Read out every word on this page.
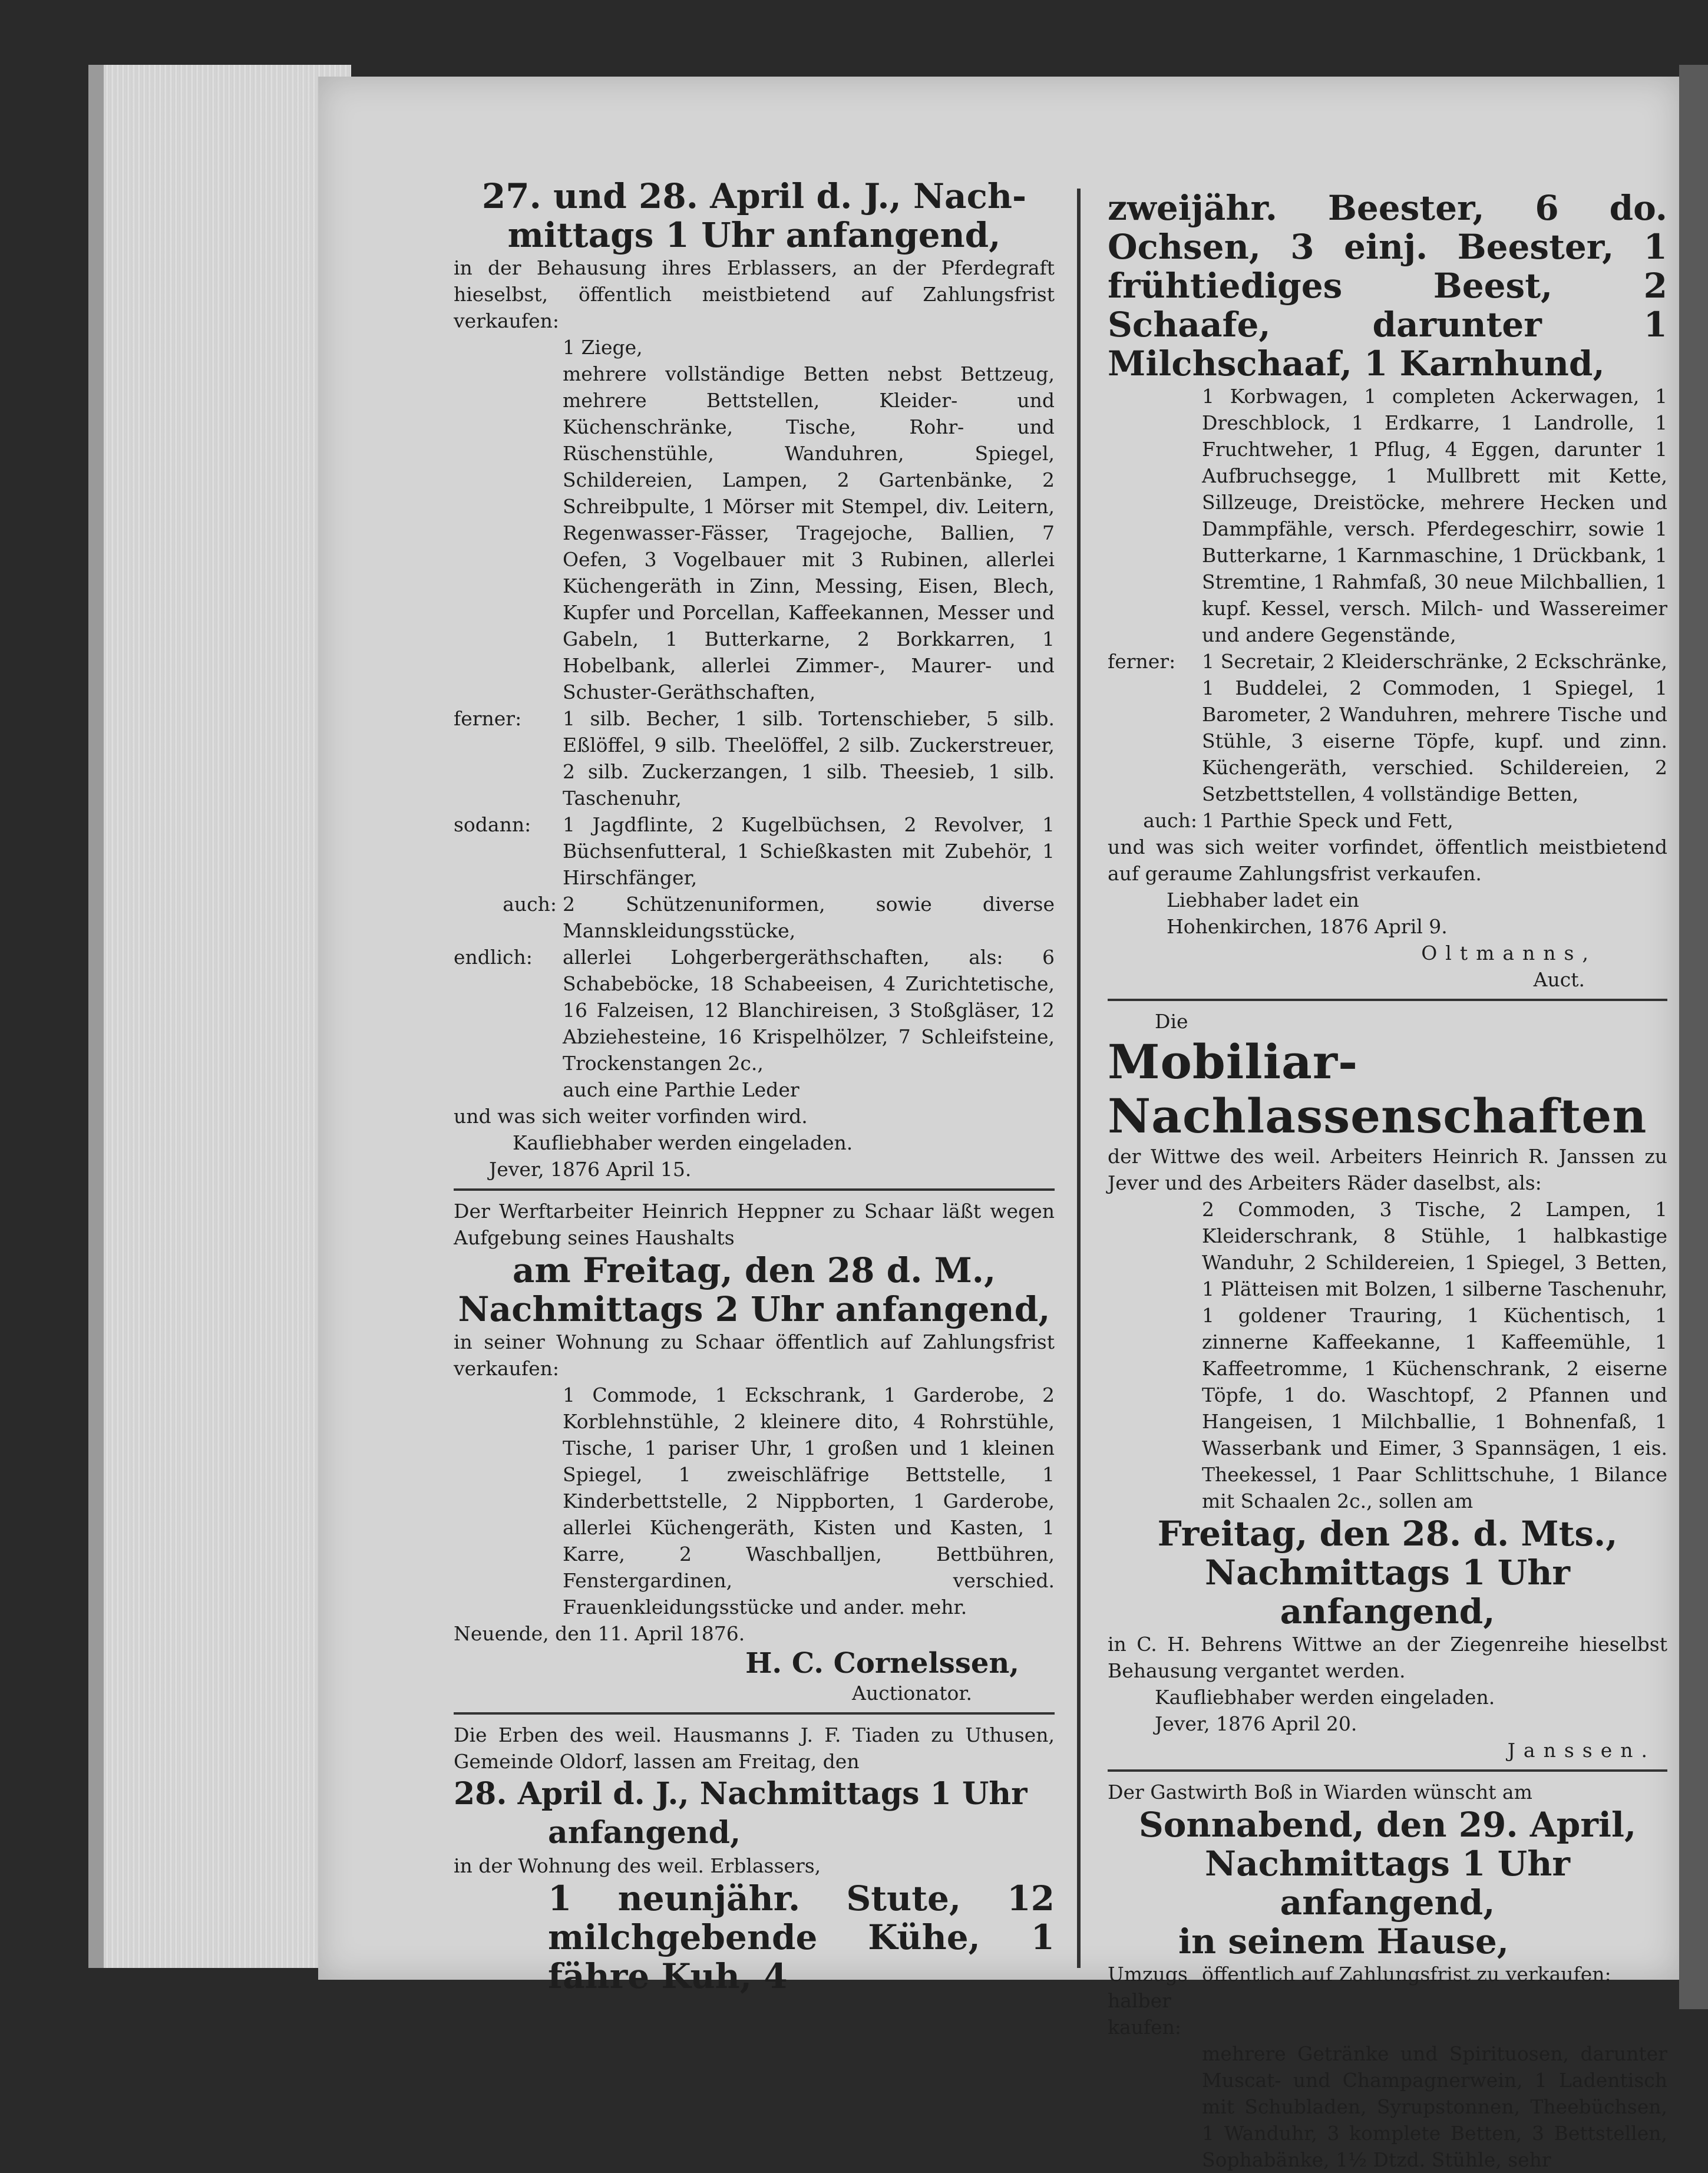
27. und 28. April d. J., Nach-

mittags 1 Uhr anfangend,

in der Behausung ihres Erblassers, an der Pferdegraft hieselbst, öffentlich meistbietend auf Zahlungsfrist verkaufen:

1 Ziege,

mehrere vollständige Betten nebst Bettzeug, mehrere Bettstellen, Kleider- und Küchenschränke, Tische, Rohr- und Rüschenstühle, Wanduhren, Spiegel, Schildereien, Lampen, 2 Gartenbänke, 2 Schreibpulte, 1 Mörser mit Stempel, div. Leitern, Regenwasser-Fässer, Tragejoche, Ballien, 7 Oefen, 3 Vogelbauer mit 3 Rubinen, allerlei Küchengeräth in Zinn, Messing, Eisen, Blech, Kupfer und Porcellan, Kaffeekannen, Messer und Gabeln, 1 Butterkarne, 2 Borkkarren, 1 Hobelbank, allerlei Zimmer-, Maurer- und Schuster-Geräthschaften,

ferner:	1 silb. Becher, 1 silb. Tortenschieber, 5 silb. Eßlöffel, 9 silb. Theelöffel, 2 silb. Zuckerstreuer, 2 silb. Zuckerzangen, 1 silb. Theesieb, 1 silb. Taschenuhr,
sodann:	1 Jagdflinte, 2 Kugelbüchsen, 2 Revolver, 1 Büchsenfutteral, 1 Schießkasten mit Zubehör, 1 Hirschfänger,
auch: 2 Schützenuniformen, sowie diverse Mannskleidungsstücke,
endlich:	allerlei Lohgerbergeräthschaften, als: 6 Schabeböcke, 18 Schabeeisen, 4 Zurichtetische, 16 Falzeisen, 12 Blanchireisen, 3 Stoßgläser, 12 Abziehesteine, 16 Krispelhölzer, 7 Schleifsteine, Trockenstangen 2c.,

auch eine Parthie Leder

und was sich weiter vorfinden wird.

Kaufliebhaber werden eingeladen.

Jever, 1876 April 15.

Der Werftarbeiter Heinrich Heppner zu Schaar läßt wegen Aufgebung seines Haushalts

am Freitag, den 28 d. M.,

Nachmittags 2 Uhr anfangend,

in seiner Wohnung zu Schaar öffentlich auf Zahlungsfrist verkaufen:

1 Commode, 1 Eckschrank, 1 Garderobe, 2 Korblehnstühle, 2 kleinere dito, 4 Rohrstühle, Tische, 1 pariser Uhr, 1 großen und 1 kleinen Spiegel, 1 zweischläfrige Bettstelle, 1 Kinderbettstelle, 2 Nippborten, 1 Garderobe, allerlei Küchengeräth, Kisten und Kasten, 1 Karre, 2 Waschballjen, Bettbühren, Fenstergardinen, verschied. Frauenkleidungsstücke und ander. mehr.

Neuende, den 11. April 1876.

H. C. Cornelssen,

Auctionator.

Die Erben des weil. Hausmanns J. F. Tiaden zu Uthusen, Gemeinde Oldorf, lassen am Freitag, den

28. April d. J., Nachmittags 1 Uhr

anfangend,

in der Wohnung des weil. Erblassers,

1 neunjähr. Stute, 12 milchgebende Kühe, 1 fähre Kuh, 4

zweijähr. Beester, 6 do. Ochsen, 3 einj. Beester, 1 frühtiediges Beest, 2 Schaafe, darunter 1 Milchschaaf, 1 Karnhund,

1 Korbwagen, 1 completen Ackerwagen, 1 Dreschblock, 1 Erdkarre, 1 Landrolle, 1 Fruchtweher, 1 Pflug, 4 Eggen, darunter 1 Aufbruchsegge, 1 Mullbrett mit Kette, Sillzeuge, Dreistöcke, mehrere Hecken und Dammpfähle, versch. Pferdegeschirr, sowie 1 Butterkarne, 1 Karnmaschine, 1 Drückbank, 1 Stremtine, 1 Rahmfaß, 30 neue Milchballien, 1 kupf. Kessel, versch. Milch- und Wassereimer und andere Gegenstände,

ferner:	1 Secretair, 2 Kleiderschränke, 2 Eckschränke, 1 Buddelei, 2 Commoden, 1 Spiegel, 1 Barometer, 2 Wanduhren, mehrere Tische und Stühle, 3 eiserne Töpfe, kupf. und zinn. Küchengeräth, verschied. Schildereien, 2 Setzbettstellen, 4 vollständige Betten,
auch: 1 Parthie Speck und Fett,

und was sich weiter vorfindet, öffentlich meistbietend auf geraume Zahlungsfrist verkaufen.

Liebhaber ladet ein

Hohenkirchen, 1876 April 9.

Oltmanns,

Auct.

Die

Mobiliar-Nachlassenschaften

der Wittwe des weil. Arbeiters Heinrich R. Janssen zu Jever und des Arbeiters Räder daselbst, als:

2 Commoden, 3 Tische, 2 Lampen, 1 Kleiderschrank, 8 Stühle, 1 halbkastige Wanduhr, 2 Schildereien, 1 Spiegel, 3 Betten, 1 Plätteisen mit Bolzen, 1 silberne Taschenuhr, 1 goldener Trauring, 1 Küchentisch, 1 zinnerne Kaffeekanne, 1 Kaffeemühle, 1 Kaffeetromme, 1 Küchenschrank, 2 eiserne Töpfe, 1 do. Waschtopf, 2 Pfannen und Hangeisen, 1 Milchballie, 1 Bohnenfaß, 1 Wasserbank und Eimer, 3 Spannsägen, 1 eis. Theekessel, 1 Paar Schlittschuhe, 1 Bilance mit Schaalen 2c., sollen am

Freitag, den 28. d. Mts.,

Nachmittags 1 Uhr anfangend,

in C. H. Behrens Wittwe an der Ziegenreihe hieselbst Behausung vergantet werden.

Kaufliebhaber werden eingeladen.

Jever, 1876 April 20.

Janssen.

Der Gastwirth Boß in Wiarden wünscht am

Sonnabend, den 29. April,

Nachmittags 1 Uhr anfangend,

in seinem Hause,

Umzugs halber
öffentlich auf Zahlungsfrist zu verkaufen:

kaufen:

mehrere Getränke und Spirituosen, darunter Muscat- und Champagnerwein, 1 Ladentisch mit Schubladen, Syrupstonnen, Theebüchsen, 1 Wanduhr, 3 komplete Betten, 3 Bettstellen, Sophabänke, 1½ Dtzd. Stühle, sehr
